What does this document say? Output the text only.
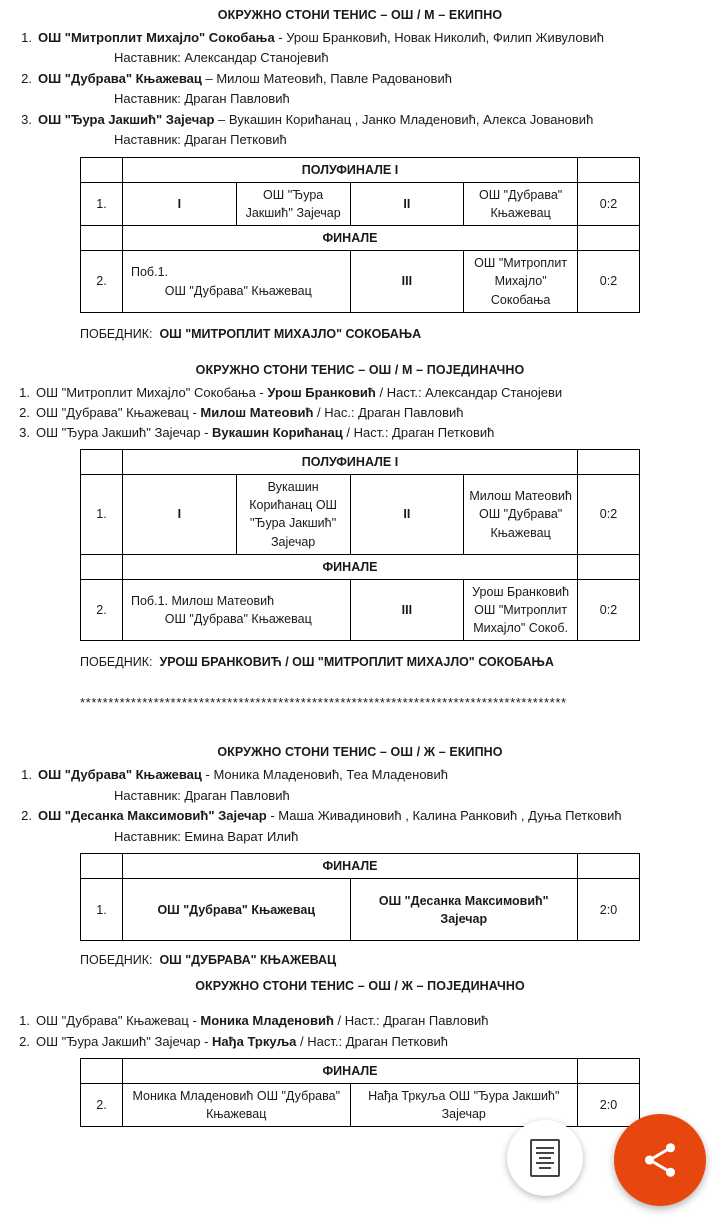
ОКРУЖНО СТОНИ ТЕНИС – ОШ / М – ЕКИПНО
1. ОШ "Митроплит Михајло" Сокобања - Урош Бранковић, Новак Николић, Филип Живуловић
Наставник: Александар Станојевић
2. ОШ "Дубрава" Књажевац – Милош Матеовић, Павле Радовановић
Наставник: Драган Павловић
3. ОШ "Ђура Јакшић" Зајечар – Вукашин Корићанац , Јанко Младеновић, Алекса Јовановић
Наставник: Драган Петковић
	ПОЛУФИНАЛЕ I				
1.	I	ОШ ''Ђура Јакшић'' Зајечар	II	ОШ "Дубрава" Књажевац	0:2
	ФИНАЛЕ				
2.	Поб.1.
ОШ "Дубрава" Књажевац		III	ОШ "Митроплит Михајло" Сокобања	0:2
ПОБЕДНИК: ОШ "МИТРОПЛИТ МИХАЈЛО" СОКОБАЊА
ОКРУЖНО СТОНИ ТЕНИС – ОШ / М – ПОЈЕДИНАЧНО
1. ОШ "Митроплит Михајло" Сокобања - Урош Бранковић / Наст.: Александар Станојеви
2. ОШ "Дубрава" Књажевац - Милош Матеовић / Нас.: Драган Павловић
3. ОШ "Ђура Јакшић" Зајечар - Вукашин Корићанац / Наст.: Драган Петковић
	ПОЛУФИНАЛЕ I				
1.	I	Вукашин Корићанац ОШ ''Ђура Јакшић'' Зајечар	II	Милош Матеовић ОШ "Дубрава" Књажевац	0:2
	ФИНАЛЕ				
2.	Поб.1. Милош Матеовић
ОШ "Дубрава" Књажевац		III	Урош Бранковић ОШ "Митроплит Михајло" Сокоб.	0:2
ПОБЕДНИК: УРОШ БРАНКОВИЋ / ОШ "МИТРОПЛИТ МИХАЈЛО" СОКОБАЊА
**************************************************************************************
ОКРУЖНО СТОНИ ТЕНИС – ОШ / Ж – ЕКИПНО
1. ОШ "Дубрава" Књажевац - Моника Младеновић, Теа Младеновић
Наставник: Драган Павловић
2. ОШ "Десанка Максимовић" Зајечар - Маша Живадиновић , Калина Ранковић , Дуња Петковић
Наставник: Емина Варат Илић
	ФИНАЛЕ		
1.	ОШ "Дубрава" Књажевац	ОШ "Десанка Максимовић" Зајечар	2:0
ПОБЕДНИК: ОШ "ДУБРАВА" КЊАЖЕВАЦ
ОКРУЖНО СТОНИ ТЕНИС – ОШ / Ж – ПОЈЕДИНАЧНО
1. ОШ "Дубрава" Књажевац - Моника Младеновић / Наст.: Драган Павловић
2. ОШ "Ђура Јакшић" Зајечар - Нађа Тркуља / Наст.: Драган Петковић
	ФИНАЛЕ		
2.	Моника Младеновић ОШ "Дубрава" Књажевац	Нађа Тркуља ОШ "Ђура Јакшић" Зајечар	2:0
